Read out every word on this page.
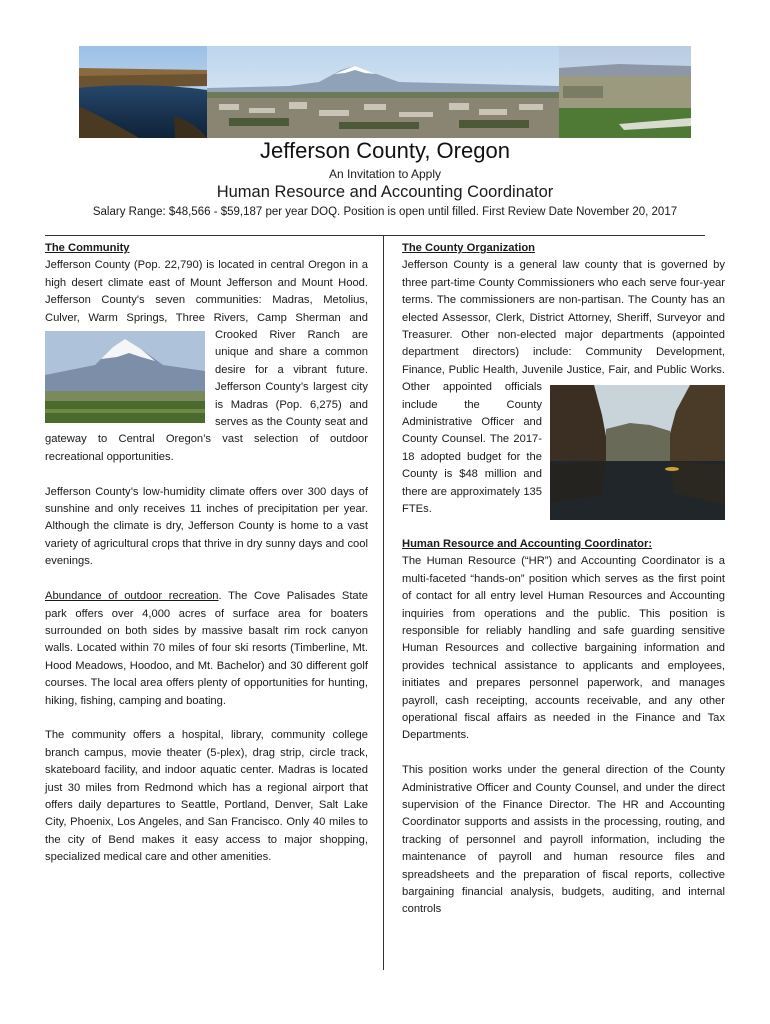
Jefferson County, Oregon
An Invitation to Apply
Human Resource and Accounting Coordinator
Salary Range: $48,566 - $59,187 per year DOQ. Position is open until filled. First Review Date November 20, 2017
The Community

Jefferson County (Pop. 22,790) is located in central Oregon in a high desert climate east of Mount Jefferson and Mount Hood. Jefferson County's seven communities: Madras, Metolius, Culver, Warm Springs, Three Rivers, Camp Sherman and Crooked River Ranch are unique and share a common desire for a vibrant future. Jefferson County’s largest city is Madras (Pop. 6,275) and serves as the County seat and gateway to Central Oregon’s vast selection of outdoor recreational opportunities.

Jefferson County’s low-humidity climate offers over 300 days of sunshine and only receives 11 inches of precipitation per year. Although the climate is dry, Jefferson County is home to a vast variety of agricultural crops that thrive in dry sunny days and cool evenings.

Abundance of outdoor recreation. The Cove Palisades State park offers over 4,000 acres of surface area for boaters surrounded on both sides by massive basalt rim rock canyon walls. Located within 70 miles of four ski resorts (Timberline, Mt. Hood Meadows, Hoodoo, and Mt. Bachelor) and 30 different golf courses. The local area offers plenty of opportunities for hunting, hiking, fishing, camping and boating.

The community offers a hospital, library, community college branch campus, movie theater (5-plex), drag strip, circle track, skateboard facility, and indoor aquatic center. Madras is located just 30 miles from Redmond which has a regional airport that offers daily departures to Seattle, Portland, Denver, Salt Lake City, Phoenix, Los Angeles, and San Francisco. Only 40 miles to the city of Bend makes it easy access to major shopping, specialized medical care and other amenities.

The County Organization

Jefferson County is a general law county that is governed by three part-time County Commissioners who each serve four-year terms. The commissioners are non-partisan. The County has an elected Assessor, Clerk, District Attorney, Sheriff, Surveyor and Treasurer. Other non-elected major departments (appointed department directors) include: Community Development, Finance, Public Health, Juvenile Justice, Fair, and Public Works.
Other appointed officials include the County Administrative Officer and County Counsel. The 2017-18 adopted budget for the County is $48 million and there are approximately 135 FTEs.

Human Resource and Accounting Coordinator:

The Human Resource (“HR”) and Accounting Coordinator is a multi-faceted “hands-on” position which serves as the first point of contact for all entry level Human Resources and Accounting inquiries from operations and the public. This position is responsible for reliably handling and safe guarding sensitive Human Resources and collective bargaining information and provides technical assistance to applicants and employees, initiates and prepares personnel paperwork, and manages payroll, cash receipting, accounts receivable, and any other operational fiscal affairs as needed in the Finance and Tax Departments.

This position works under the general direction of the County Administrative Officer and County Counsel, and under the direct supervision of the Finance Director. The HR and Accounting Coordinator supports and assists in the processing, routing, and tracking of personnel and payroll information, including the maintenance of payroll and human resource files and spreadsheets and the preparation of fiscal reports, collective bargaining financial analysis, budgets, auditing, and internal controls
